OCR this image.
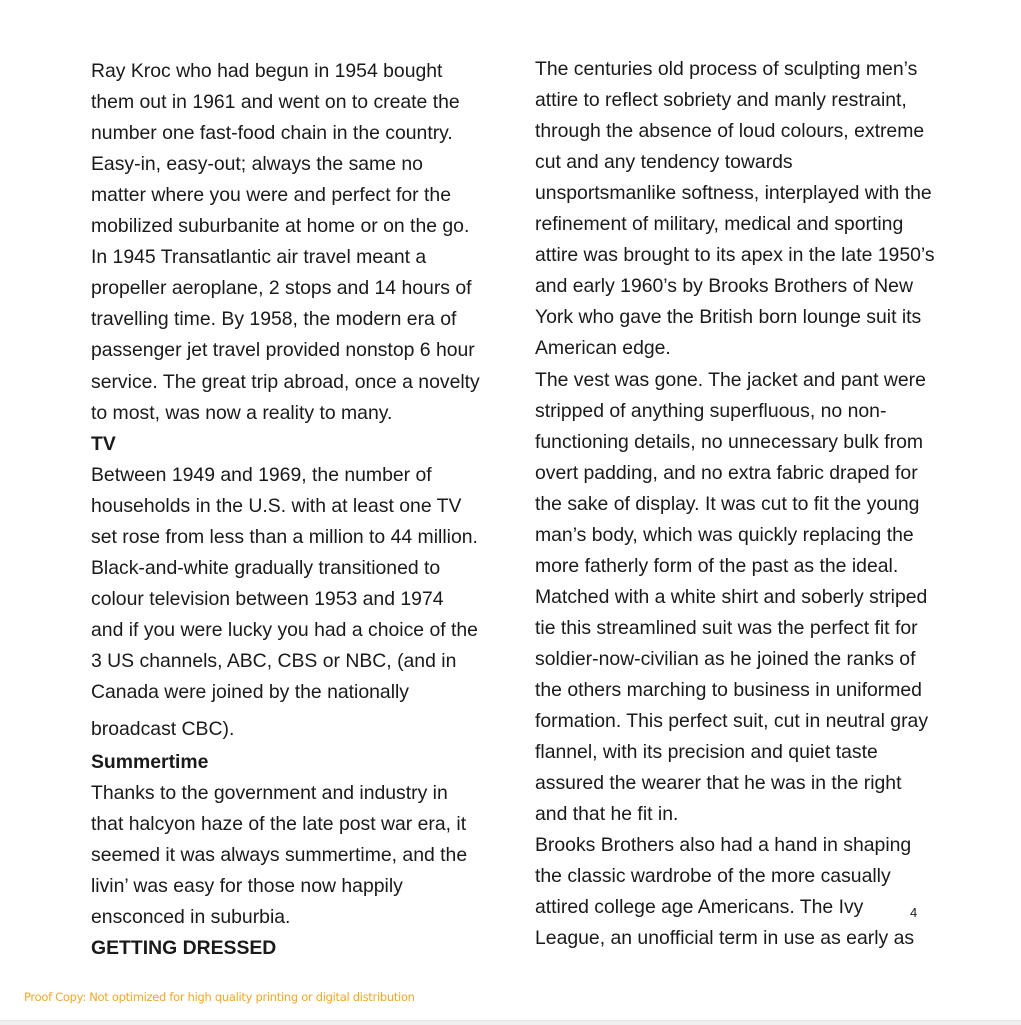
Ray Kroc who had begun in 1954 bought
them out in 1961 and went on to create the
number one fast-food chain in the country.
Easy-in, easy-out; always the same no
matter where you were and perfect for the
mobilized suburbanite at home or on the go.
In 1945 Transatlantic air travel meant a
propeller aeroplane, 2 stops and 14 hours of
travelling time. By 1958, the modern era of
passenger jet travel provided nonstop 6 hour
service. The great trip abroad, once a novelty
to most, was now a reality to many.
TV
Between 1949 and 1969, the number of
households in the U.S. with at least one TV
set rose from less than a million to 44 million.
Black-and-white gradually transitioned to
colour television between 1953 and 1974
and if you were lucky you had a choice of the
3 US channels, ABC, CBS or NBC, (and in
Canada were joined by the nationally
broadcast CBC).
Summertime
Thanks to the government and industry in
that halcyon haze of the late post war era, it
seemed it was always summertime, and the
livin’ was easy for those now happily
ensconced in suburbia.
GETTING DRESSED
The centuries old process of sculpting men’s
attire to reflect sobriety and manly restraint,
through the absence of loud colours, extreme
cut and any tendency towards
unsportsmanlike softness, interplayed with the
refinement of military, medical and sporting
attire was brought to its apex in the late 1950’s
and early 1960’s by Brooks Brothers of New
York who gave the British born lounge suit its
American edge.
The vest was gone. The jacket and pant were
stripped of anything superfluous, no non-
functioning details, no unnecessary bulk from
overt padding, and no extra fabric draped for
the sake of display. It was cut to fit the young
man’s body, which was quickly replacing the
more fatherly form of the past as the ideal.
Matched with a white shirt and soberly striped
tie this streamlined suit was the perfect fit for
soldier-now-civilian as he joined the ranks of
the others marching to business in uniformed
formation. This perfect suit, cut in neutral gray
flannel, with its precision and quiet taste
assured the wearer that he was in the right
and that he fit in.
Brooks Brothers also had a hand in shaping
the classic wardrobe of the more casually
attired college age Americans. The Ivy
League, an unofficial term in use as early as
4
Proof Copy: Not optimized for high quality printing or digital distribution
